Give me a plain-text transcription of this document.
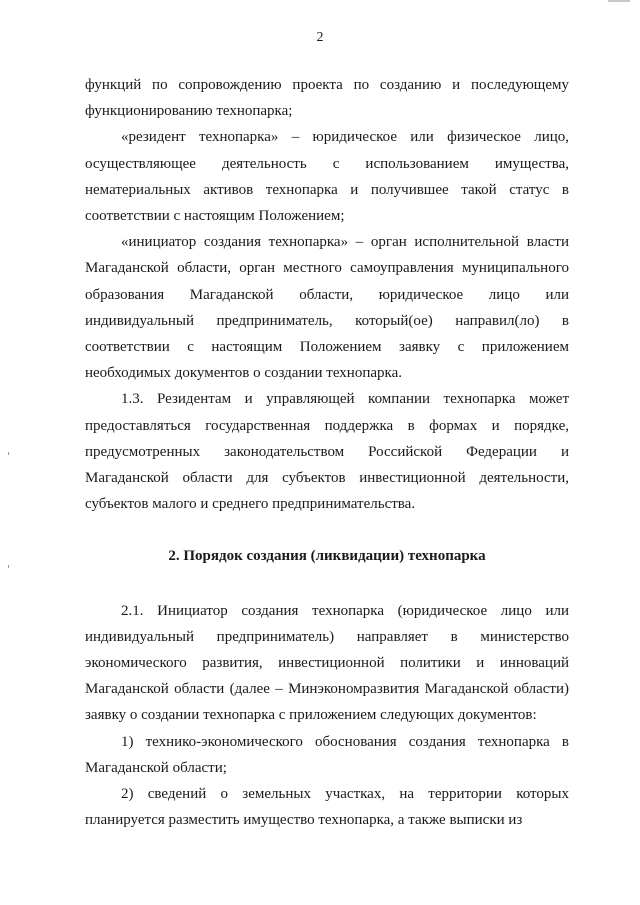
2

функций по сопровождению проекта по созданию и последующему функционированию технопарка;

«резидент технопарка» – юридическое или физическое лицо, осуществляющее деятельность с использованием имущества, нематериальных активов технопарка и получившее такой статус в соответствии с настоящим Положением;

«инициатор создания технопарка» – орган исполнительной власти Магаданской области, орган местного самоуправления муниципального образования Магаданской области, юридическое лицо или индивидуальный предприниматель, который(ое) направил(ло) в соответствии с настоящим Положением заявку с приложением необходимых документов о создании технопарка.

1.3. Резидентам и управляющей компании технопарка может предоставляться государственная поддержка в формах и порядке, предусмотренных законодательством Российской Федерации и Магаданской области для субъектов инвестиционной деятельности, субъектов малого и среднего предпринимательства.

2. Порядок создания (ликвидации) технопарка

2.1. Инициатор создания технопарка (юридическое лицо или индивидуальный предприниматель) направляет в министерство экономического развития, инвестиционной политики и инноваций Магаданской области (далее – Минэкономразвития Магаданской области) заявку о создании технопарка с приложением следующих документов:

1) технико-экономического обоснования создания технопарка в Магаданской области;

2) сведений о земельных участках, на территории которых планируется разместить имущество технопарка, а также выписки из
